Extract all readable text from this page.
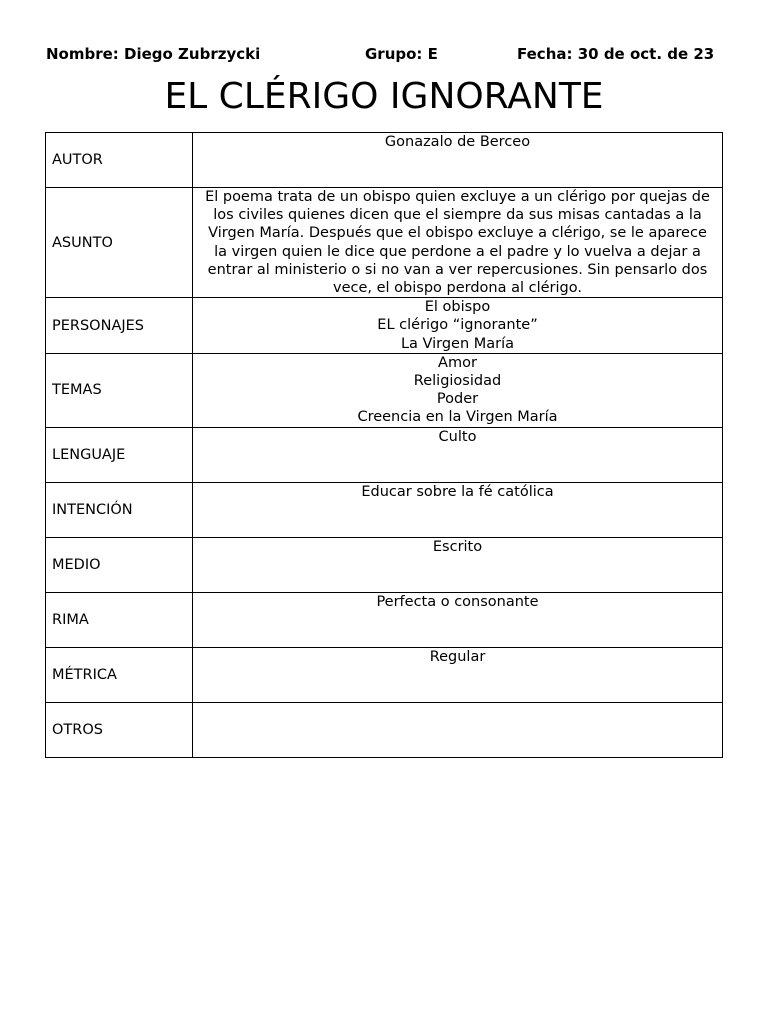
Nombre: Diego Zubrzycki	Grupo: E	Fecha: 30 de oct. de 23
EL CLÉRIGO IGNORANTE
AUTOR	Gonazalo de Berceo

ASUNTO	El poema trata de un obispo quien excluye a un clérigo por quejas de los civiles quienes dicen que el siempre da sus misas cantadas a la Virgen María. Después que el obispo excluye a clérigo, se le aparece la virgen quien le dice que perdone a el padre y lo vuelva a dejar a entrar al ministerio o si no van a ver repercusiones. Sin pensarlo dos vece, el obispo perdona al clérigo.

PERSONAJES	El obispo
EL clérigo “ignorante”
La Virgen María

TEMAS	Amor
Religiosidad
Poder
Creencia en la Virgen María

LENGUAJE	Culto

INTENCIÓN	Educar sobre la fé católica

MEDIO	Escrito

RIMA	Perfecta o consonante

MÉTRICA	Regular

OTROS	
